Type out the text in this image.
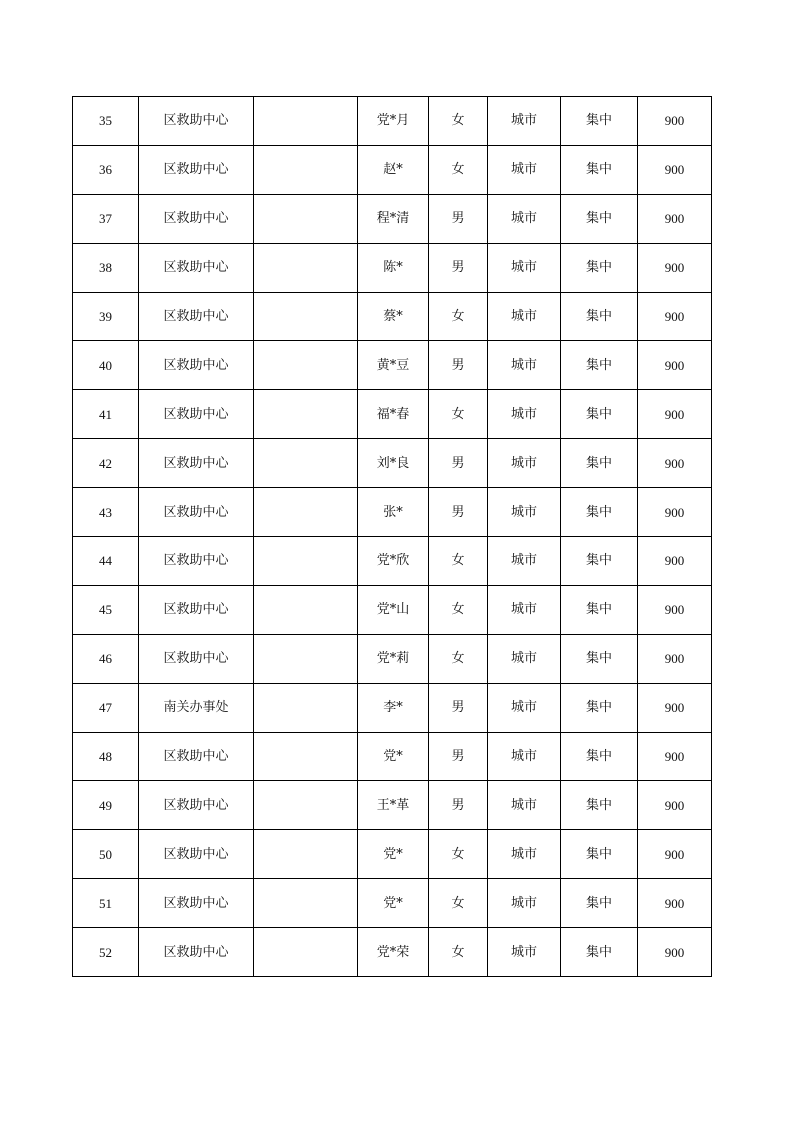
35	区救助中心		党*月	女	城市	集中	900
36	区救助中心		赵*	女	城市	集中	900
37	区救助中心		程*清	男	城市	集中	900
38	区救助中心		陈*	男	城市	集中	900
39	区救助中心		蔡*	女	城市	集中	900
40	区救助中心		黄*豆	男	城市	集中	900
41	区救助中心		福*春	女	城市	集中	900
42	区救助中心		刘*良	男	城市	集中	900
43	区救助中心		张*	男	城市	集中	900
44	区救助中心		党*欣	女	城市	集中	900
45	区救助中心		党*山	女	城市	集中	900
46	区救助中心		党*莉	女	城市	集中	900
47	南关办事处		李*	男	城市	集中	900
48	区救助中心		党*	男	城市	集中	900
49	区救助中心		王*革	男	城市	集中	900
50	区救助中心		党*	女	城市	集中	900
51	区救助中心		党*	女	城市	集中	900
52	区救助中心		党*荣	女	城市	集中	900
